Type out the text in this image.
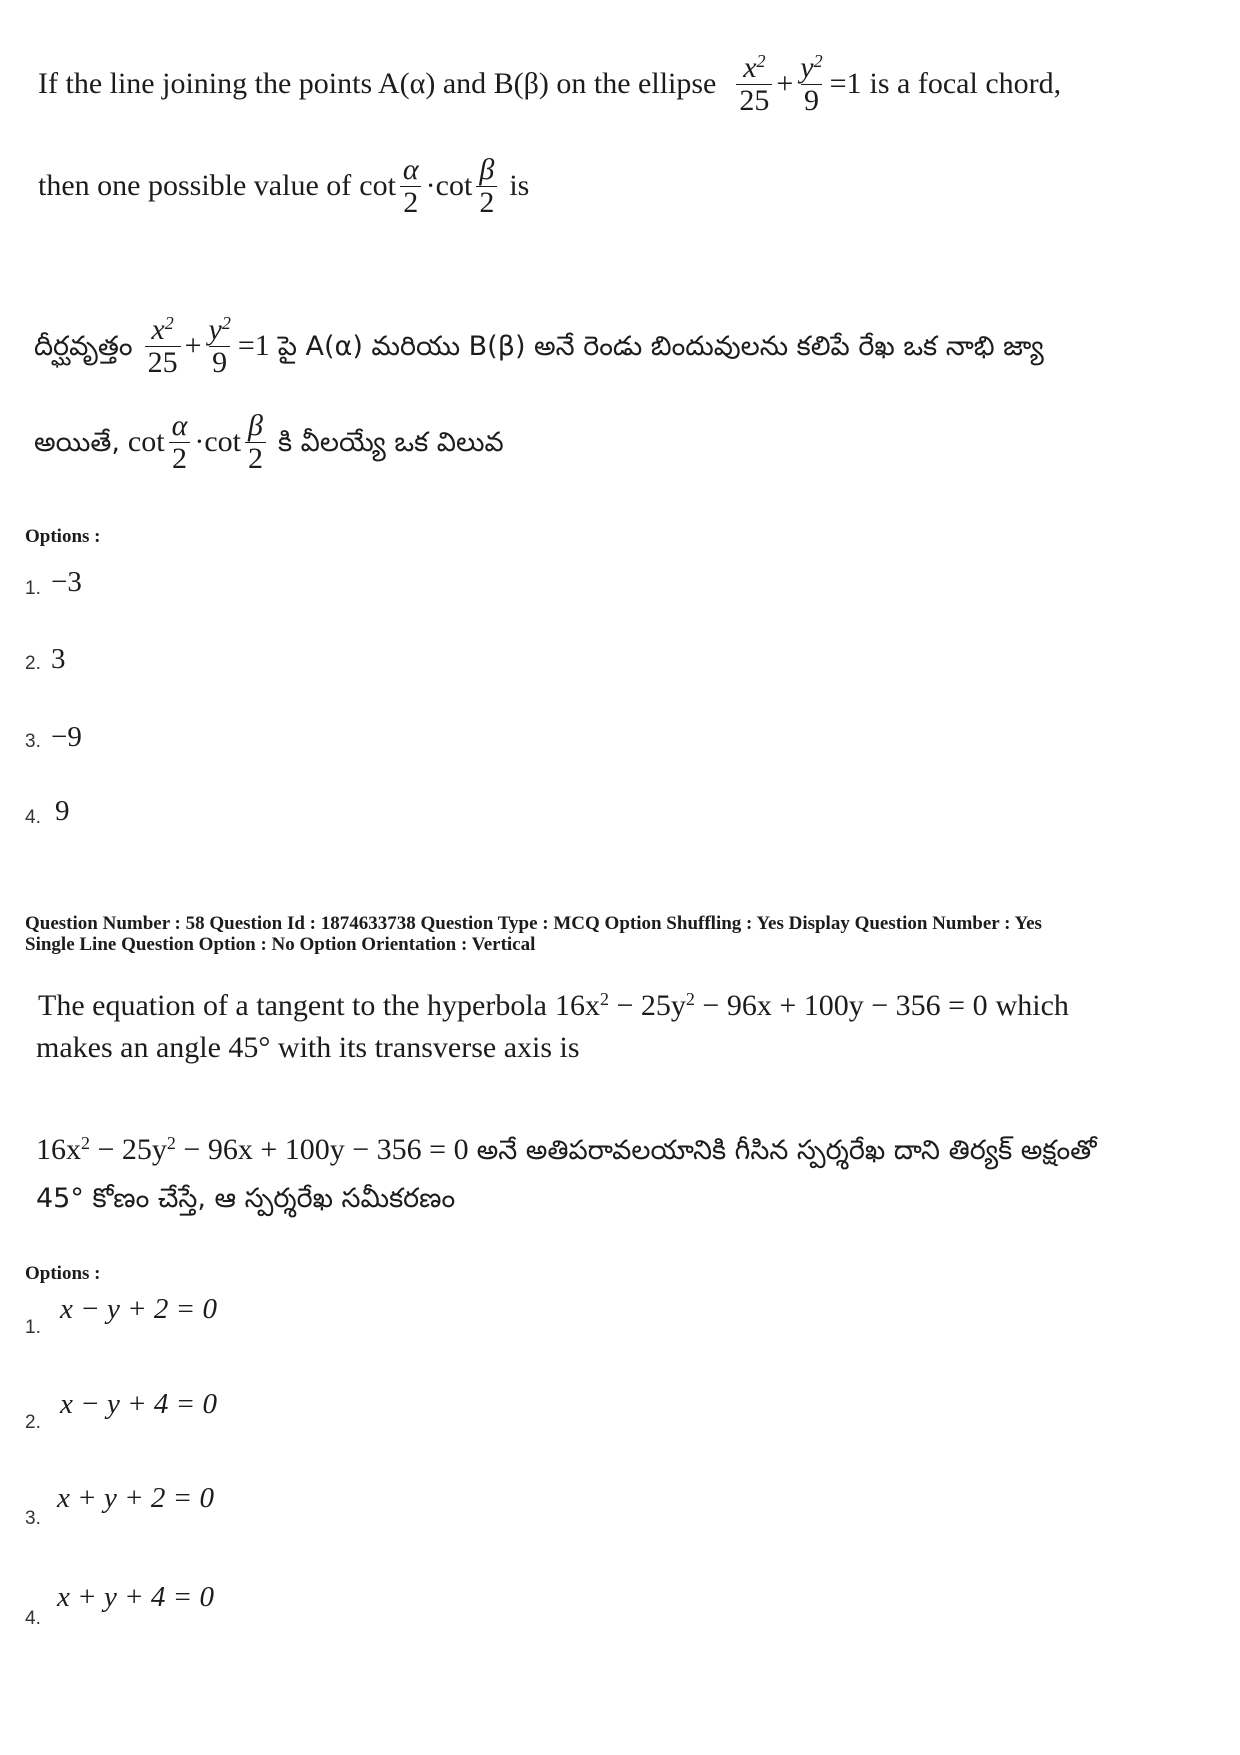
If the line joining the points A(α) and B(β) on the ellipse $\frac{x^2}{25} + \frac{y^2}{9} =1$ is a focal chord,
then one possible value of $\cot \frac{\alpha}{2} \cdot \cot \frac{\beta}{2}$ is
దీర్ఘవృత్తం $\frac{x^2}{25} + \frac{y^2}{9} =1$ పై A(α) మరియు B(β) అనే రెండు బిందువులను కలిపే రేఖ ఒక నాభి జ్యా
అయితే, $\cot \frac{\alpha}{2} \cdot \cot \frac{\beta}{2}$ కి వీలయ్యే ఒక విలువ
Options :
1. −3
2. 3
3. −9
4. 9
Question Number : 58 Question Id : 1874633738 Question Type : MCQ Option Shuffling : Yes Display Question Number : Yes
Single Line Question Option : No Option Orientation : Vertical
The equation of a tangent to the hyperbola $16x^2 - 25y^2 - 96x + 100y - 356 = 0$ which
makes an angle 45° with its transverse axis is
$16x^2 - 25y^2 - 96x + 100y - 356 = 0$ అనే అతిపరావలయానికి గీసిన స్పర్శరేఖ దాని తిర్యక్ అక్షంతో
45° కోణం చేస్తే, ఆ స్పర్శరేఖ సమీకరణం
Options :
1.
x − y + 2 = 0
2.
x − y + 4 = 0
3.
x + y + 2 = 0
4.
x + y + 4 = 0
